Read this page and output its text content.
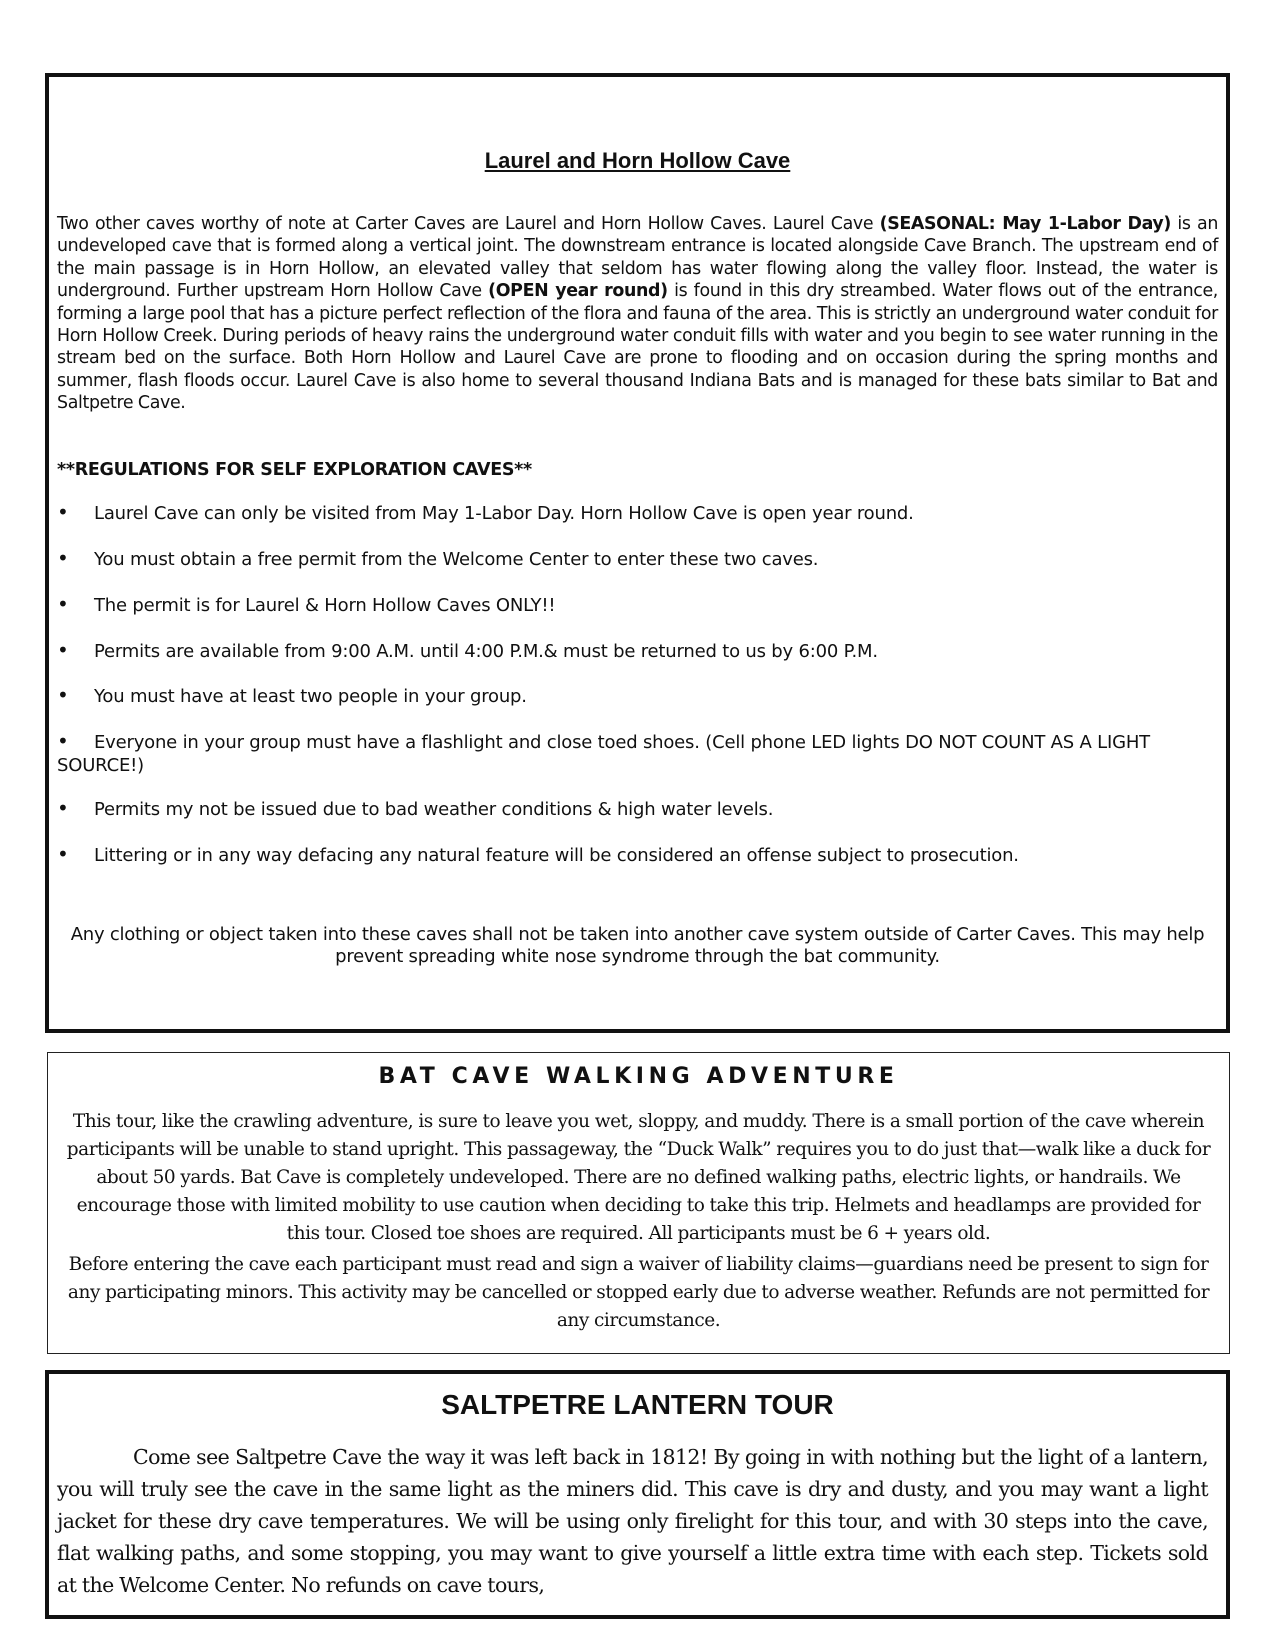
Laurel and Horn Hollow Cave

Two other caves worthy of note at Carter Caves are Laurel and Horn Hollow Caves. Laurel Cave (SEASONAL: May 1-Labor Day) is an undeveloped cave that is formed along a vertical joint. The downstream entrance is located alongside Cave Branch. The upstream end of the main passage is in Horn Hollow, an elevated valley that seldom has water flowing along the valley floor. Instead, the water is underground. Further upstream Horn Hollow Cave (OPEN year round) is found in this dry streambed. Water flows out of the entrance, forming a large pool that has a picture perfect reflection of the flora and fauna of the area. This is strictly an underground water conduit for Horn Hollow Creek. During periods of heavy rains the underground water conduit fills with water and you begin to see water running in the stream bed on the surface. Both Horn Hollow and Laurel Cave are prone to flooding and on occasion during the spring months and summer, flash floods occur. Laurel Cave is also home to several thousand Indiana Bats and is managed for these bats similar to Bat and Saltpetre Cave.

**REGULATIONS FOR SELF EXPLORATION CAVES**

• Laurel Cave can only be visited from May 1-Labor Day. Horn Hollow Cave is open year round.

• You must obtain a free permit from the Welcome Center to enter these two caves.

• The permit is for Laurel & Horn Hollow Caves ONLY!!

• Permits are available from 9:00 A.M. until 4:00 P.M.& must be returned to us by 6:00 P.M.

• You must have at least two people in your group.

• Everyone in your group must have a flashlight and close toed shoes. (Cell phone LED lights DO NOT COUNT AS A LIGHT SOURCE!)

• Permits my not be issued due to bad weather conditions & high water levels.

• Littering or in any way defacing any natural feature will be considered an offense subject to prosecution.

Any clothing or object taken into these caves shall not be taken into another cave system outside of Carter Caves. This may help prevent spreading white nose syndrome through the bat community.

BAT CAVE WALKING ADVENTURE

This tour, like the crawling adventure, is sure to leave you wet, sloppy, and muddy. There is a small portion of the cave wherein participants will be unable to stand upright. This passageway, the “Duck Walk” requires you to do just that—walk like a duck for about 50 yards. Bat Cave is completely undeveloped. There are no defined walking paths, electric lights, or handrails. We encourage those with limited mobility to use caution when deciding to take this trip. Helmets and headlamps are provided for this tour. Closed toe shoes are required. All participants must be 6 + years old.

Before entering the cave each participant must read and sign a waiver of liability claims—guardians need be present to sign for any participating minors. This activity may be cancelled or stopped early due to adverse weather. Refunds are not permitted for any circumstance.

SALTPETRE LANTERN TOUR

Come see Saltpetre Cave the way it was left back in 1812! By going in with nothing but the light of a lantern, you will truly see the cave in the same light as the miners did. This cave is dry and dusty, and you may want a light jacket for these dry cave temperatures. We will be using only firelight for this tour, and with 30 steps into the cave, flat walking paths, and some stopping, you may want to give yourself a little extra time with each step. Tickets sold at the Welcome Center. No refunds on cave tours,
